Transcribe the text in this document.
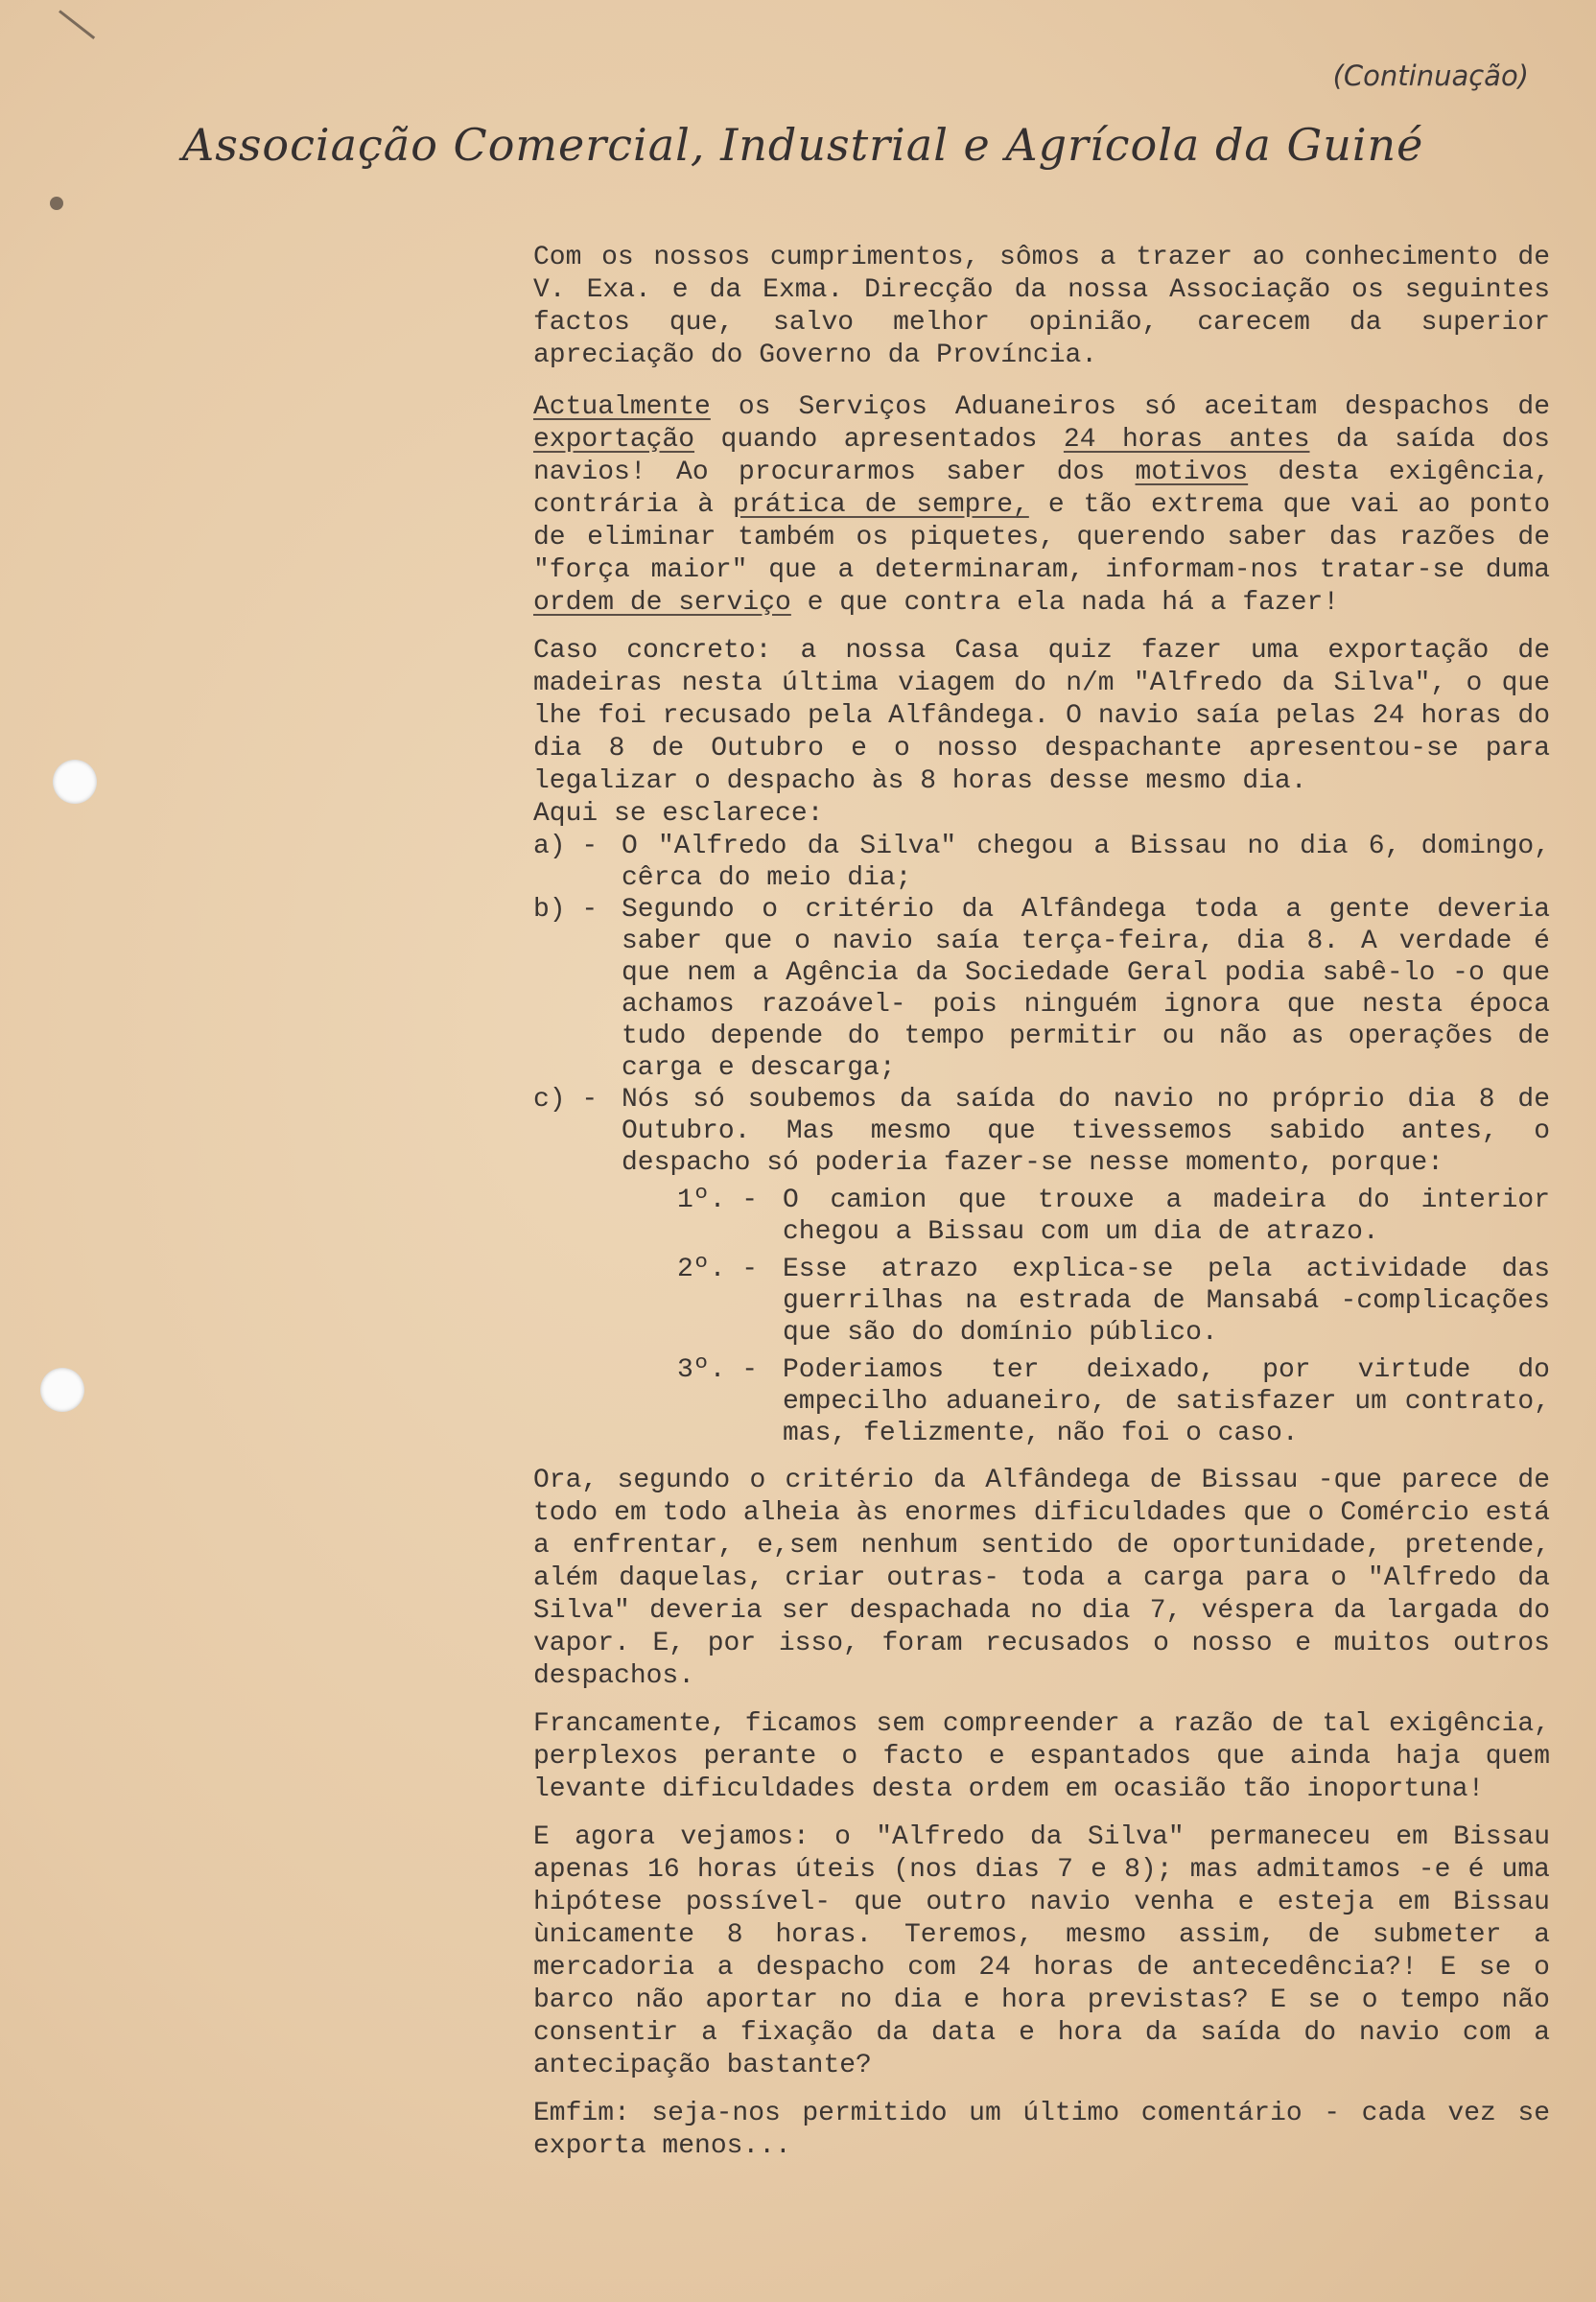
(Continuação)
Associação Comercial, Industrial e Agrícola da Guiné

Com os nossos cumprimentos, sômos a trazer ao conhecimento de V. Exa. e da Exma. Direcção da nossa Associação os seguintes factos que, salvo melhor opinião, carecem da superior apreciação do Governo da Província.

Actualmente os Serviços Aduaneiros só aceitam despachos de exportação quando apresentados 24 horas antes da saída dos navios! Ao procurarmos saber dos motivos desta exigência, contrária à prática de sempre, e tão extrema que vai ao ponto de eliminar também os piquetes, querendo saber das razões de "força maior" que a determinaram, informam-nos tratar-se duma ordem de serviço e que contra ela nada há a fazer!

Caso concreto: a nossa Casa quiz fazer uma exportação de madeiras nesta última viagem do n/m "Alfredo da Silva", o que lhe foi recusado pela Alfândega. O navio saía pelas 24 horas do dia 8 de Outubro e o nosso despachante apresentou-se para legalizar o despacho às 8 horas desse mesmo dia.

Aqui se esclarece:
a) - O "Alfredo da Silva" chegou a Bissau no dia 6, domingo, cêrca do meio dia;
b) - Segundo o critério da Alfândega toda a gente deveria saber que o navio saía terça-feira, dia 8. A verdade é que nem a Agência da Sociedade Geral podia sabê-lo -o que achamos razoável- pois ninguém ignora que nesta época tudo depende do tempo permitir ou não as operações de carga e descarga;
c) - Nós só soubemos da saída do navio no próprio dia 8 de Outubro. Mas mesmo que tivessemos sabido antes, o despacho só poderia fazer-se nesse momento, porque:
1º. - O camion que trouxe a madeira do interior chegou a Bissau com um dia de atrazo.
2º. - Esse atrazo explica-se pela actividade das guerrilhas na estrada de Mansabá -complicações que são do domínio público.
3º. - Poderiamos ter deixado, por virtude do empecilho aduaneiro, de satisfazer um contrato, mas, felizmente, não foi o caso.

Ora, segundo o critério da Alfândega de Bissau -que parece de todo em todo alheia às enormes dificuldades que o Comércio está a enfrentar, e,sem nenhum sentido de oportunidade, pretende, além daquelas, criar outras- toda a carga para o "Alfredo da Silva" deveria ser despachada no dia 7, véspera da largada do vapor. E, por isso, foram recusados o nosso e muitos outros despachos.

Francamente, ficamos sem compreender a razão de tal exigência, perplexos perante o facto e espantados que ainda haja quem levante dificuldades desta ordem em ocasião tão inoportuna!

E agora vejamos: o "Alfredo da Silva" permaneceu em Bissau apenas 16 horas úteis (nos dias 7 e 8); mas admitamos -e é uma hipótese possível- que outro navio venha e esteja em Bissau ùnicamente 8 horas. Teremos, mesmo assim, de submeter a mercadoria a despacho com 24 horas de antecedência?! E se o barco não aportar no dia e hora previstas? E se o tempo não consentir a fixação da data e hora da saída do navio com a antecipação bastante?

Emfim: seja-nos permitido um último comentário - cada vez se exporta menos...
